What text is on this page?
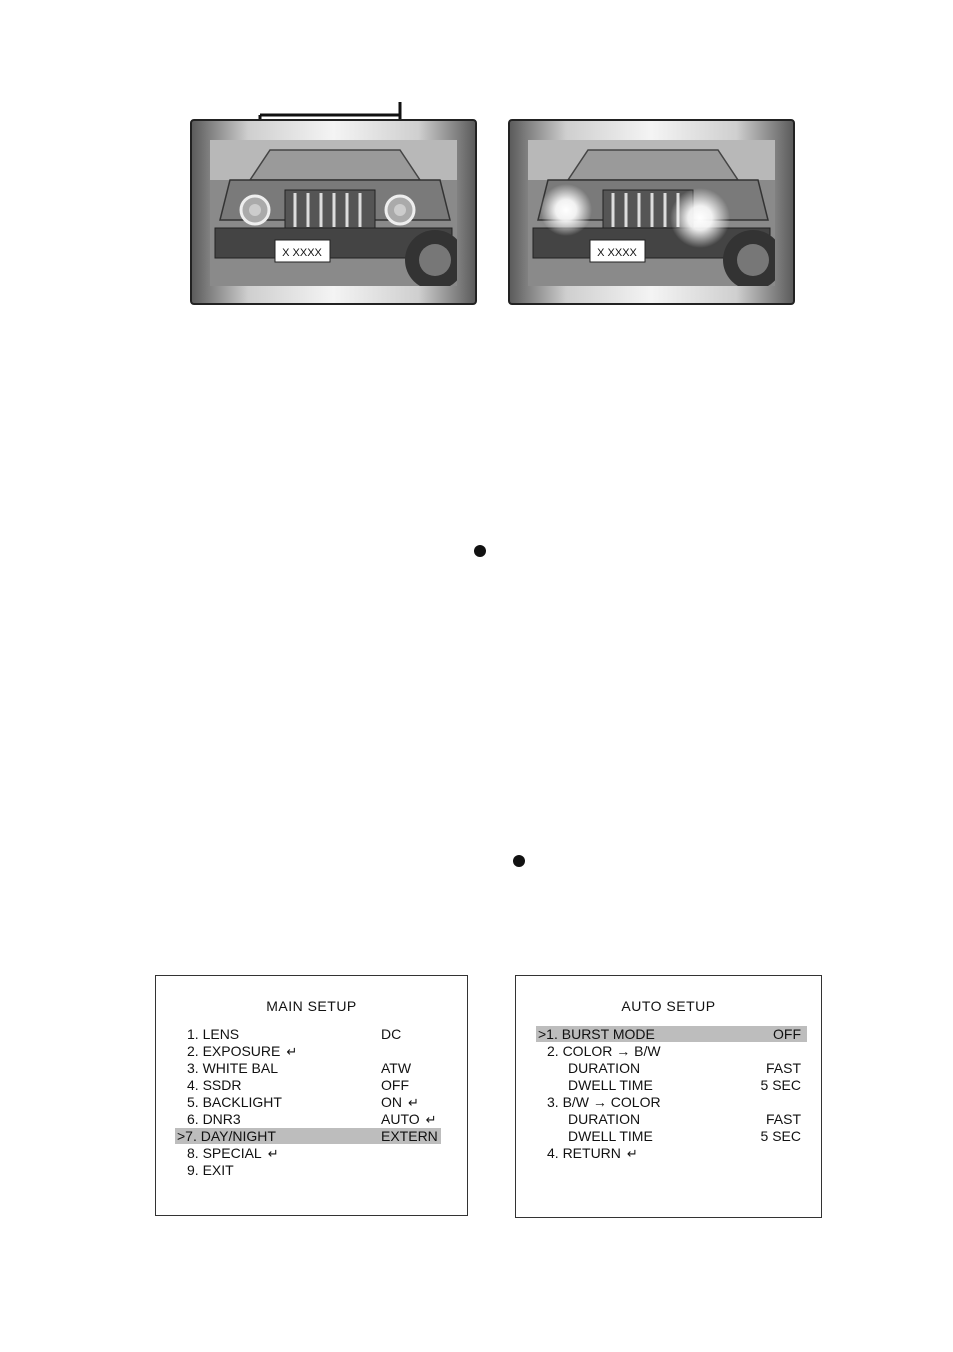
X XXXX	X XXXX
MAIN SETUP
1. LENS	DC
2. EXPOSURE ↵
3. WHITE BAL	ATW
4. SSDR	OFF
5. BACKLIGHT	ON ↵
6. DNR3	AUTO ↵
>7. DAY/NIGHT	EXTERN
8. SPECIAL ↵
9. EXIT
AUTO SETUP
>1. BURST MODE	OFF
2. COLOR → B/W
DURATION	FAST
DWELL TIME	5 SEC
3. B/W → COLOR
DURATION	FAST
DWELL TIME	5 SEC
4. RETURN ↵
